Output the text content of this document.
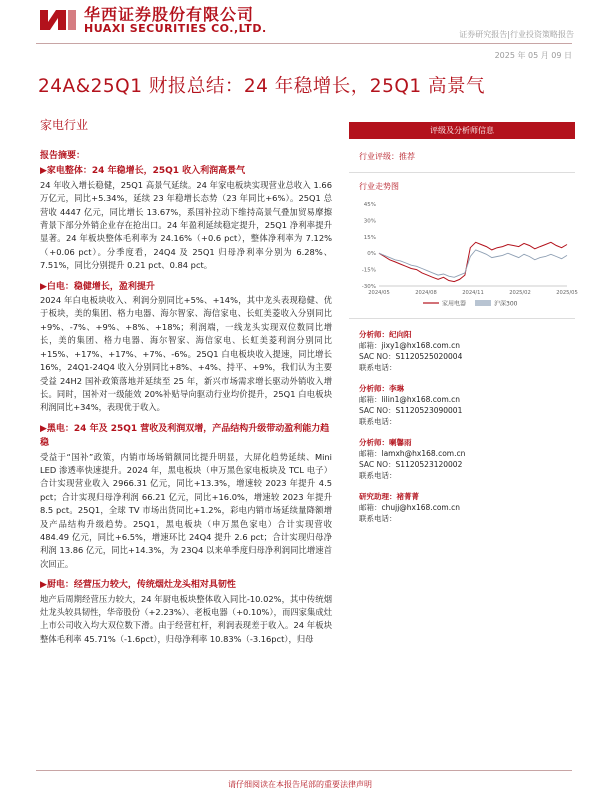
华西证券股份有限公司
HUAXI SECURITIES CO.,LTD.	证券研究报告|行业投资策略报告
2025 年 05 月 09 日
24A&25Q1 财报总结：24 年稳增长，25Q1 高景气
家电行业
报告摘要：
▶家电整体：24 年稳增长，25Q1 收入利润高景气
24 年收入增长稳健，25Q1 高景气延续。24 年家电板块实现营业总收入 1.66 万亿元，同比+5.34%，延续 23 年稳增长态势（23 年同比+6%）。25Q1 总营收 4447 亿元，同比增长 13.67%，系国补拉动下维持高景气叠加贸易摩擦背景下部分外销企业存在抢出口。24 年盈利延续稳定提升，25Q1 净利率提升显著。24 年板块整体毛利率为 24.16%（+0.6 pct），整体净利率为 7.12%（+0.06 pct）。分季度看，24Q4 及 25Q1 归母净利率分别为 6.28%、7.51%，同比分别提升 0.21 pct、0.84 pct。
▶白电：稳健增长，盈利提升
2024 年白电板块收入、利润分别同比+5%、+14%，其中龙头表现稳健、优于板块，美的集团、格力电器、海尔智家、海信家电、长虹美菱收入分别同比+9%、-7%、+9%、+8%、+18%；利润端，一线龙头实现双位数同比增长，美的集团、格力电器、海尔智家、海信家电、长虹美菱利润分别同比+15%、+17%、+17%、+7%、-6%。25Q1 白电板块收入提速，同比增长 16%，24Q1-24Q4 收入分别同比+8%、+4%、持平、+9%，我们认为主要受益 24H2 国补政策落地并延续至 25 年，新兴市场需求增长驱动外销收入增长。同时，国补对一级能效 20%补贴导向驱动行业均价提升，25Q1 白电板块利润同比+34%，表现优于收入。
▶黑电：24 年及 25Q1 营收及利润双增，产品结构升级带动盈利能力趋稳
受益于“国补”政策，内销市场场销额同比提升明显，大屏化趋势延续、Mini LED 渗透率快速提升。2024 年，黑电板块（申万黑色家电板块及 TCL 电子）合计实现营业收入 2966.31 亿元，同比+13.3%，增速较 2023 年提升 4.5 pct；合计实现归母净利润 66.21 亿元，同比+16.0%，增速较 2023 年提升 8.5 pct。25Q1，全球 TV 市场出货同比+1.2%，彩电内销市场延续量降额增及产品结构升级趋势。25Q1，黑电板块（申万黑色家电）合计实现营收 484.49 亿元，同比+6.5%，增速环比 24Q4 提升 2.6 pct；合计实现归母净利润 13.86 亿元，同比+14.3%，为 23Q4 以来单季度归母净利润同比增速首次回正。
▶厨电：经营压力较大，传统烟灶龙头相对具韧性
地产后周期经营压力较大，24 年厨电板块整体收入同比-10.02%，其中传统烟灶龙头较具韧性，华帝股份（+2.23%）、老板电器（+0.10%），而四家集成灶上市公司收入均大双位数下滑。由于经营杠杆，利润表现差于收入。24 年板块整体毛利率 45.71%（-1.6pct），归母净利率 10.83%（-3.16pct），归母
评级及分析师信息
行业评级：推荐
行业走势图
45%
30%
15%
0%
-15%
-30%
2024/05	2024/08	2024/11	2025/02	2025/05
家用电器	沪深300
分析师：纪向阳
邮箱：jixy1@hx168.com.cn
SAC NO：S1120525020004
联系电话：
分析师：李琳
邮箱：lilin1@hx168.com.cn
SAC NO：S1120523090001
联系电话：
分析师：喇馨雨
邮箱：lamxh@hx168.com.cn
SAC NO：S1120523120002
联系电话：
研究助理：褚菁菁
邮箱：chujj@hx168.com.cn
联系电话：
请仔细阅读在本报告尾部的重要法律声明
